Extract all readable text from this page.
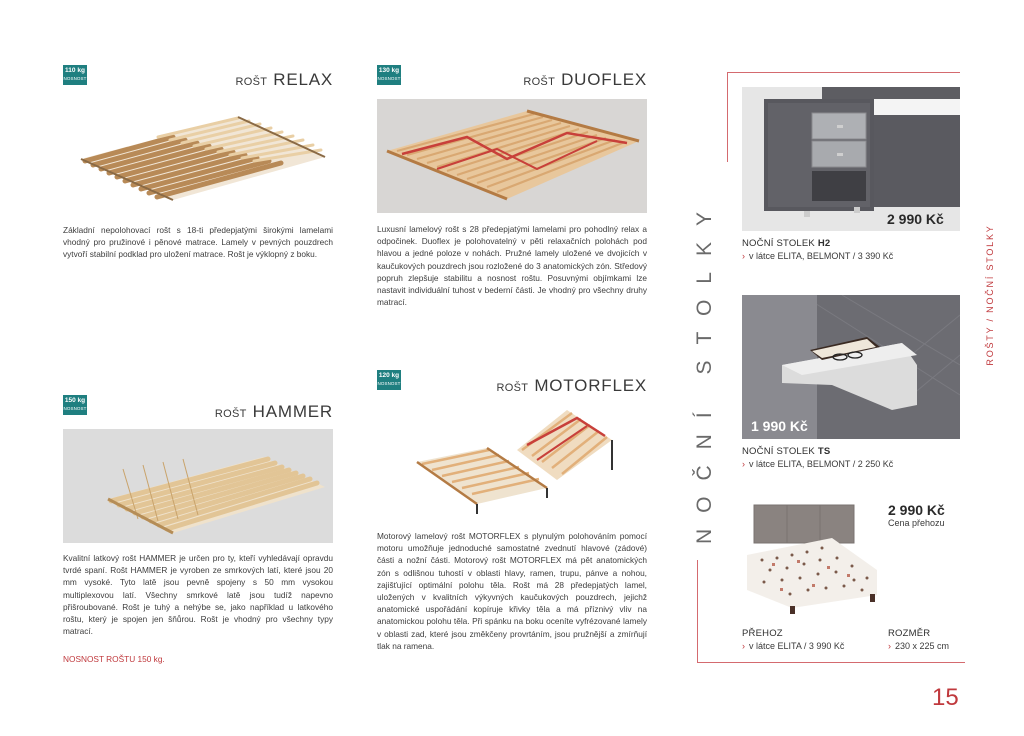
110 kg
NOSNOST	ROŠT RELAX
Základní nepolohovací rošt s 18-ti předepjatými širokými lamelami vhodný pro pružinové i pěnové matrace. Lamely v pevných pouzdrech vytvoří stabilní podklad pro uložení matrace. Rošt je výklopný z boku.
130 kg
NOSNOST	ROŠT DUOFLEX
Luxusní lamelový rošt s 28 předepjatými lamelami pro pohodlný relax a odpočinek. Duoflex je polohovatelný v pěti relaxačních polohách pod hlavou a jedné poloze v nohách. Pružné lamely uložené ve dvojicích v kaučukových pouzdrech jsou rozložené do 3 anatomických zón. Středový popruh zlepšuje stabilitu a nosnost roštu. Posuvnými objímkami lze nastavit individuální tuhost v bederní části. Je vhodný pro všechny druhy matrací.
150 kg
NOSNOST	ROŠT HAMMER
Kvalitní latkový rošt HAMMER je určen pro ty, kteří vyhledávají opravdu tvrdé spaní. Rošt HAMMER je vyroben ze smrkových latí, které jsou 20 mm vysoké. Tyto latě jsou pevně spojeny s 50 mm vysokou multiplexovou latí. Všechny smrkové latě jsou tudíž napevno přišroubované. Rošt je tuhý a nehýbe se, jako například u latkového roštu, který je spojen jen šňůrou. Rošt je vhodný pro všechny typy matrací.
NOSNOST ROŠTU 150 kg.
120 kg
NOSNOST	ROŠT MOTORFLEX
Motorový lamelový rošt MOTORFLEX s plynulým polohováním pomocí motoru umožňuje jednoduché samostatné zvednutí hlavové (zádové) části a nožní části. Motorový rošt MOTORFLEX má pět anatomických zón s odlišnou tuhostí v oblasti hlavy, ramen, trupu, pánve a nohou, zajišťující optimální polohu těla. Rošt má 28 předepjatých lamel, uložených v kvalitních výkyvných kaučukových pouzdrech, jejichž anatomické uspořádání kopíruje křivky těla a má příznivý vliv na anatomickou polohu těla. Při spánku na boku oceníte vyfrézované lamely v oblasti zad, které jsou změkčeny provrtáním, jsou pružnější a zmírňují tlak na ramena.
NOČNÍ STOLKY	ROŠTY / NOČNÍ STOLKY
2 990 Kč
NOČNÍ STOLEK H2
› v látce ELITA, BELMONT / 3 390 Kč
1 990 Kč
NOČNÍ STOLEK TS
› v látce ELITA, BELMONT / 2 250 Kč
2 990 Kč
Cena přehozu
PŘEHOZ
› v látce ELITA / 3 990 Kč
ROZMĚR
› 230 x 225 cm
15
